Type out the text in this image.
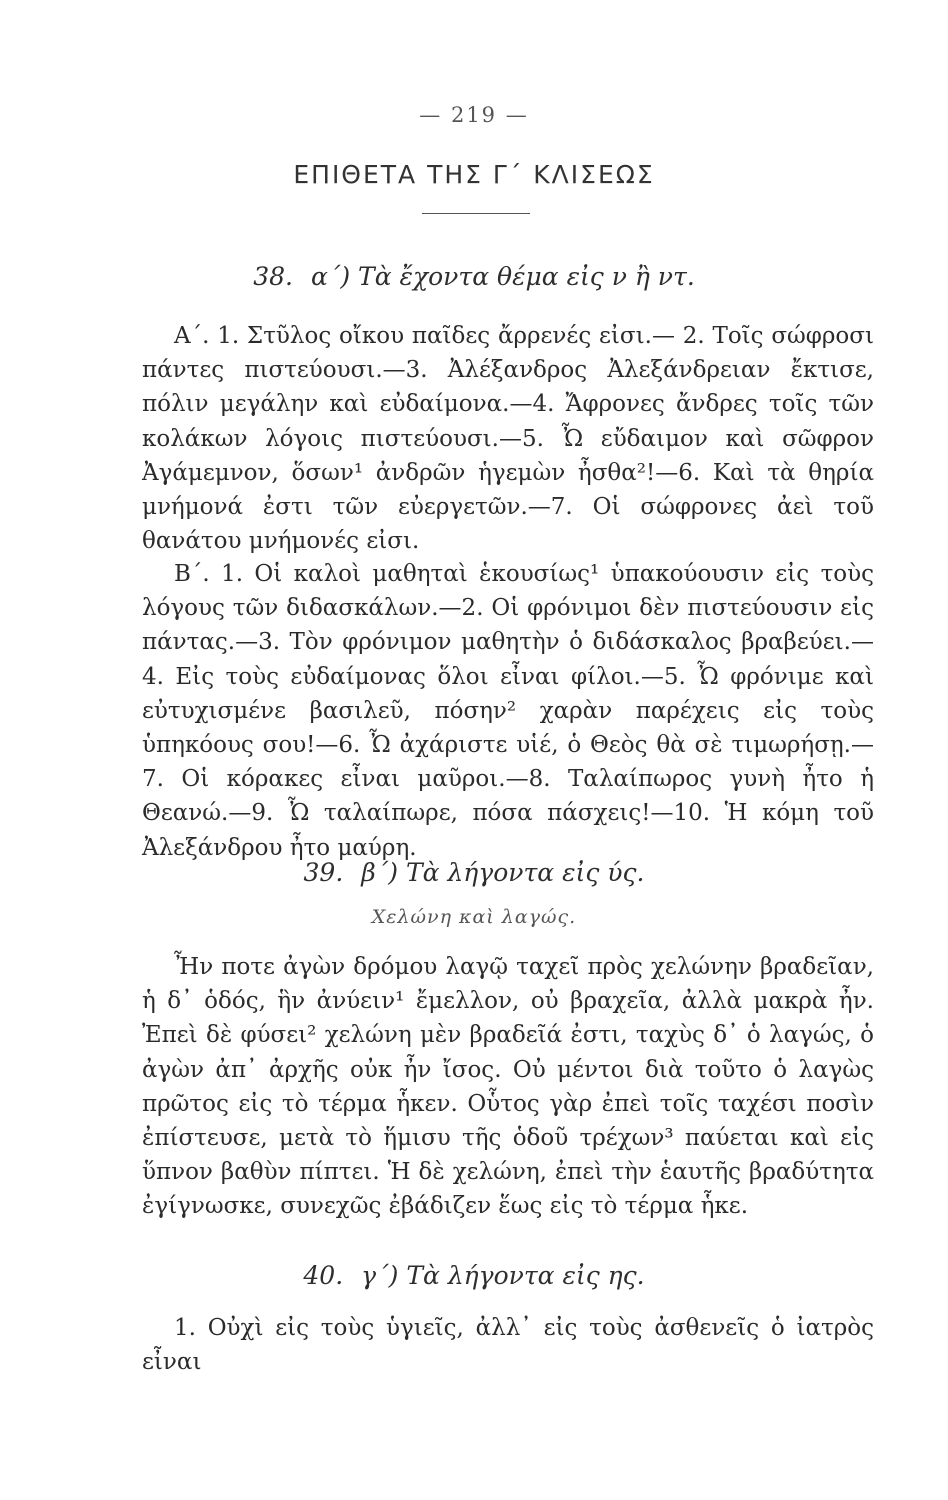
— 219 —
ΕΠΙΘΕΤΑ ΤΗΣ Γ΄ ΚΛΙΣΕΩΣ
38. α΄) Τὰ ἔχοντα θέμα εἰς ν ἢ ντ.

Α΄. 1. Στῦλος οἴκου παῖδες ἄρρενές εἰσι.— 2. Τοῖς σώφροσι πάντες πιστεύουσι.—3. Ἀλέξανδρος Ἀλεξάνδρειαν ἔκτισε, πόλιν μεγάλην καὶ εὐδαίμονα.—4. Ἄφρονες ἄνδρες τοῖς τῶν κολάκων λόγοις πιστεύουσι.—5. Ὦ εὔδαιμον καὶ σῶφρον Ἀγάμεμνον, ὅσων¹ ἀνδρῶν ἡγεμὼν ἦσθα²!—6. Καὶ τὰ θηρία μνήμονά ἐστι τῶν εὐεργετῶν.—7. Οἱ σώφρονες ἀεὶ τοῦ θανάτου μνήμονές εἰσι.

Β΄. 1. Οἱ καλοὶ μαθηταὶ ἑκουσίως¹ ὑπακούουσιν εἰς τοὺς λόγους τῶν διδασκάλων.—2. Οἱ φρόνιμοι δὲν πιστεύουσιν εἰς πάντας.—3. Τὸν φρόνιμον μαθητὴν ὁ διδάσκαλος βραβεύει.—4. Εἰς τοὺς εὐδαίμονας ὅλοι εἶναι φίλοι.—5. Ὦ φρόνιμε καὶ εὐτυχισμένε βασιλεῦ, πόσην² χαρὰν παρέχεις εἰς τοὺς ὑπηκόους σου!—6. Ὦ ἀχάριστε υἱέ, ὁ Θεὸς θὰ σὲ τιμωρήσῃ.—7. Οἱ κόρακες εἶναι μαῦροι.—8. Ταλαίπωρος γυνὴ ἦτο ἡ Θεανώ.—9. Ὦ ταλαίπωρε, πόσα πάσχεις!—10. Ἡ κόμη τοῦ Ἀλεξάνδρου ἦτο μαύρη.

39. β΄) Τὰ λήγοντα εἰς ύς.
Χελώνη καὶ λαγώς.

Ἦν ποτε ἀγὼν δρόμου λαγῷ ταχεῖ πρὸς χελώνην βραδεῖαν, ἡ δ᾽ ὁδός, ἣν ἀνύειν¹ ἔμελλον, οὐ βραχεῖα, ἀλλὰ μακρὰ ἦν. Ἐπεὶ δὲ φύσει² χελώνη μὲν βραδεῖά ἐστι, ταχὺς δ᾽ ὁ λαγώς, ὁ ἀγὼν ἀπ᾽ ἀρχῆς οὐκ ἦν ἴσος. Οὐ μέντοι διὰ τοῦτο ὁ λαγὼς πρῶτος εἰς τὸ τέρμα ἧκεν. Οὗτος γὰρ ἐπεὶ τοῖς ταχέσι ποσὶν ἐπίστευσε, μετὰ τὸ ἥμισυ τῆς ὁδοῦ τρέχων³ παύεται καὶ εἰς ὕπνον βαθὺν πίπτει. Ἡ δὲ χελώνη, ἐπεὶ τὴν ἑαυτῆς βραδύτητα ἐγίγνωσκε, συνεχῶς ἐβάδιζεν ἕως εἰς τὸ τέρμα ἧκε.

40. γ΄) Τὰ λήγοντα εἰς ης.

1. Οὐχὶ εἰς τοὺς ὑγιεῖς, ἀλλ᾽ εἰς τοὺς ἀσθενεῖς ὁ ἰατρὸς εἶναι
